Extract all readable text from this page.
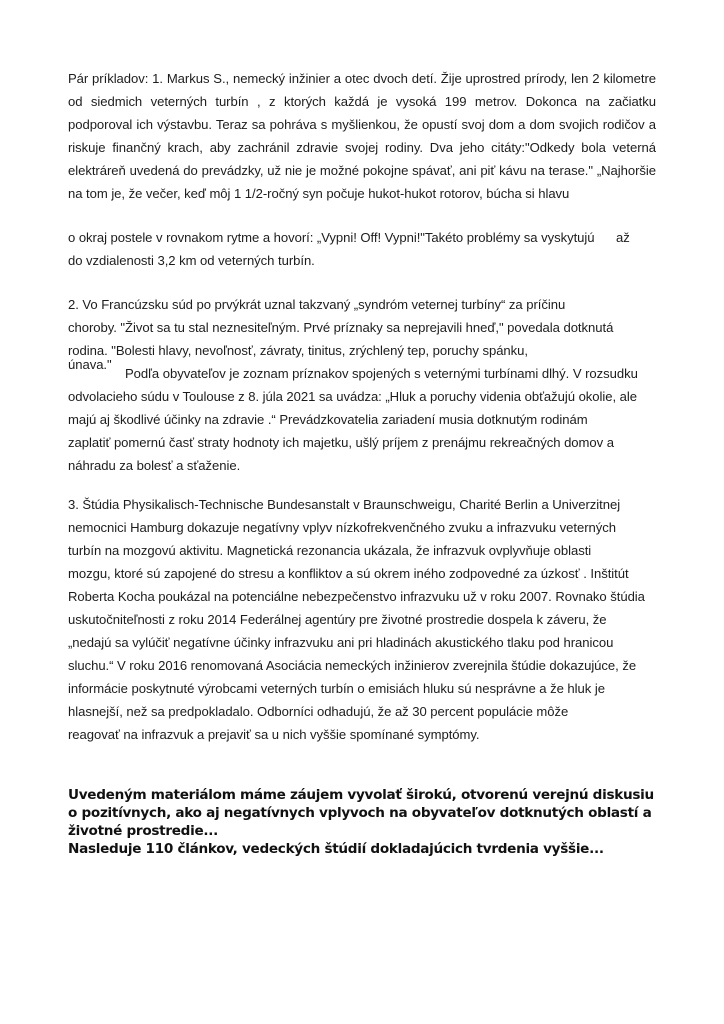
Pár príkladov: 1. Markus S., nemecký inžinier a otec dvoch detí. Žije uprostred prírody, len 2 kilometre
od siedmich veterných turbín , z ktorých každá je vysoká 199 metrov. Dokonca na začiatku
podporoval ich výstavbu. Teraz sa pohráva s myšlienkou, že opustí svoj dom a dom svojich rodičov a
riskuje finančný krach, aby zachránil zdravie svojej rodiny. Dva jeho citáty:"Odkedy bola veterná
elektráreň uvedená do prevádzky, už nie je možné pokojne spávať, ani piť kávu na terase." „Najhoršie
na tom je, že večer, keď môj 1 1/2-ročný syn počuje hukot-hukot rotorov, búcha si hlavu
o okraj postele v rovnakom rytme a hovorí: „Vypni! Off! Vypni!"Takéto problémy sa vyskytujú      až
do vzdialenosti 3,2 km od veterných turbín.
2. Vo Francúzsku súd po prvýkrát uznal takzvaný „syndróm veternej turbíny“ za príčinu
choroby. "Život sa tu stal neznesiteľným. Prvé príznaky sa neprejavili hneď," povedala dotknutá
rodina. "Bolesti hlavy, nevoľnosť, závraty, tinitus, zrýchlený tep, poruchy spánku,
únava."
Podľa obyvateľov je zoznam príznakov spojených s veternými turbínami dlhý. V rozsudku
odvolacieho súdu v Toulouse z 8. júla 2021 sa uvádza: „Hluk a poruchy videnia obťažujú okolie, ale
majú aj škodlivé účinky na zdravie .“ Prevádzkovatelia zariadení musia dotknutým rodinám
zaplatiť pomernú časť straty hodnoty ich majetku, ušlý príjem z prenájmu rekreačných domov a
náhradu za bolesť a sťaženie.
3. Štúdia Physikalisch-Technische Bundesanstalt v Braunschweigu, Charité Berlin a Univerzitnej
nemocnici Hamburg dokazuje negatívny vplyv nízkofrekvenčného zvuku a infrazvuku veterných
turbín na mozgovú aktivitu. Magnetická rezonancia ukázala, že infrazvuk ovplyvňuje oblasti
mozgu, ktoré sú zapojené do stresu a konfliktov a sú okrem iného zodpovedné za úzkosť . Inštitút
Roberta Kocha poukázal na potenciálne nebezpečenstvo infrazvuku už v roku 2007. Rovnako štúdia
uskutočniteľnosti z roku 2014 Federálnej agentúry pre životné prostredie dospela k záveru, že
„nedajú sa vylúčiť negatívne účinky infrazvuku ani pri hladinách akustického tlaku pod hranicou
sluchu.“ V roku 2016 renomovaná Asociácia nemeckých inžinierov zverejnila štúdie dokazujúce, že
informácie poskytnuté výrobcami veterných turbín o emisiách hluku sú nesprávne a že hluk je
hlasnejší, než sa predpokladalo. Odborníci odhadujú, že až 30 percent populácie môže
reagovať na infrazvuk a prejaviť sa u nich vyššie spomínané symptómy.
Uvedeným materiálom máme záujem vyvolať širokú, otvorenú verejnú diskusiu
o pozitívnych, ako aj negatívnych vplyvoch na obyvateľov dotknutých oblastí a
životné prostredie...
Nasleduje 110 článkov, vedeckých štúdií dokladajúcich tvrdenia vyššie...
